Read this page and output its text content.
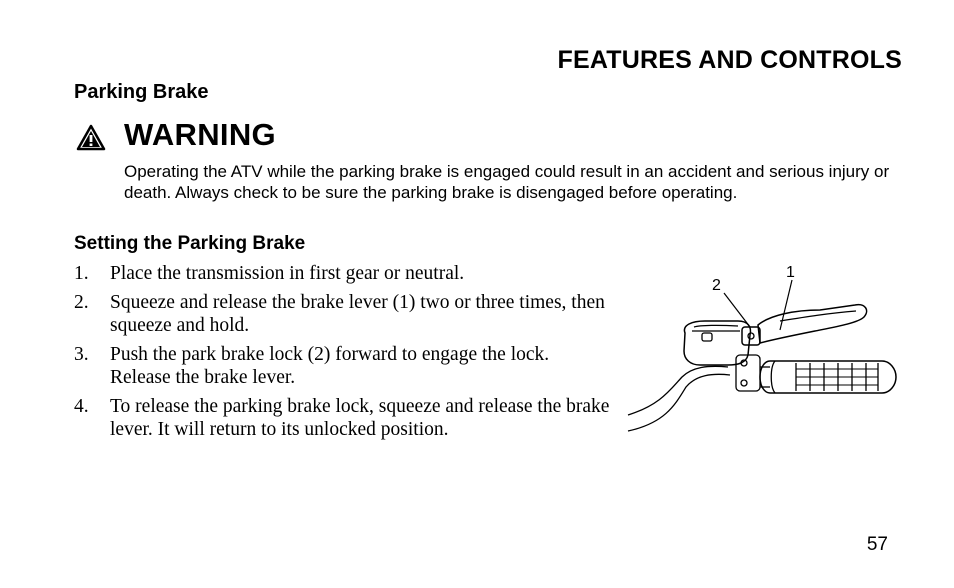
FEATURES AND CONTROLS
Parking Brake
WARNING
Operating the ATV while the parking brake is engaged could result in an accident and serious injury or death. Always check to be sure the parking brake is disengaged before operating.
Setting the Parking Brake
1. Place the transmission in first gear or neutral.
2. Squeeze and release the brake lever (1) two or three times, then squeeze and hold.
3. Push the park brake lock (2) forward to engage the lock. Release the brake lever.
4. To release the parking brake lock, squeeze and release the brake lever. It will return to its unlocked position.
2
1
57
